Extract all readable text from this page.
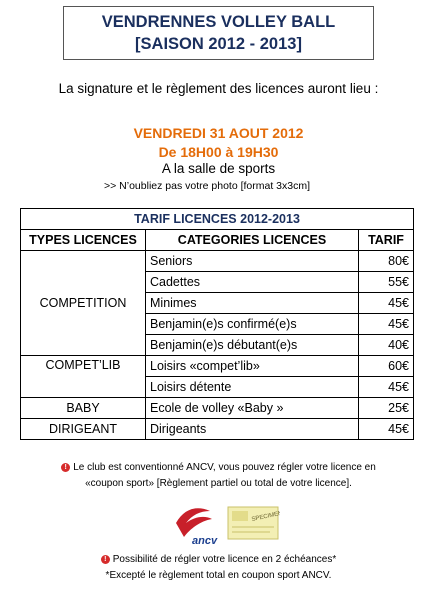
VENDRENNES VOLLEY BALL
[SAISON 2012 - 2013]
La signature et le règlement des licences auront lieu :
VENDREDI 31 AOUT 2012
De 18H00 à 19H30
A la salle de sports
>> N’oubliez pas votre photo [format 3x3cm]
TARIF LICENCES 2012-2013		
TYPES LICENCES	CATEGORIES LICENCES	TARIF
COMPETITION	Seniors	80€
	Cadettes	55€
	Minimes	45€
	Benjamin(e)s confirmé(e)s	45€
	Benjamin(e)s débutant(e)s	40€
COMPET’LIB	Loisirs «compet’lib»	60€
	Loisirs détente	45€
BABY	Ecole de volley «Baby »	25€
DIRIGEANT	Dirigeants	45€
! Le club est conventionné ANCV, vous pouvez régler votre licence en
«coupon sport» [Règlement partiel ou total de votre licence].
ancv
SPECIMEN
! Possibilité de régler votre licence en 2 échéances*
*Excepté le règlement total en coupon sport ANCV.
